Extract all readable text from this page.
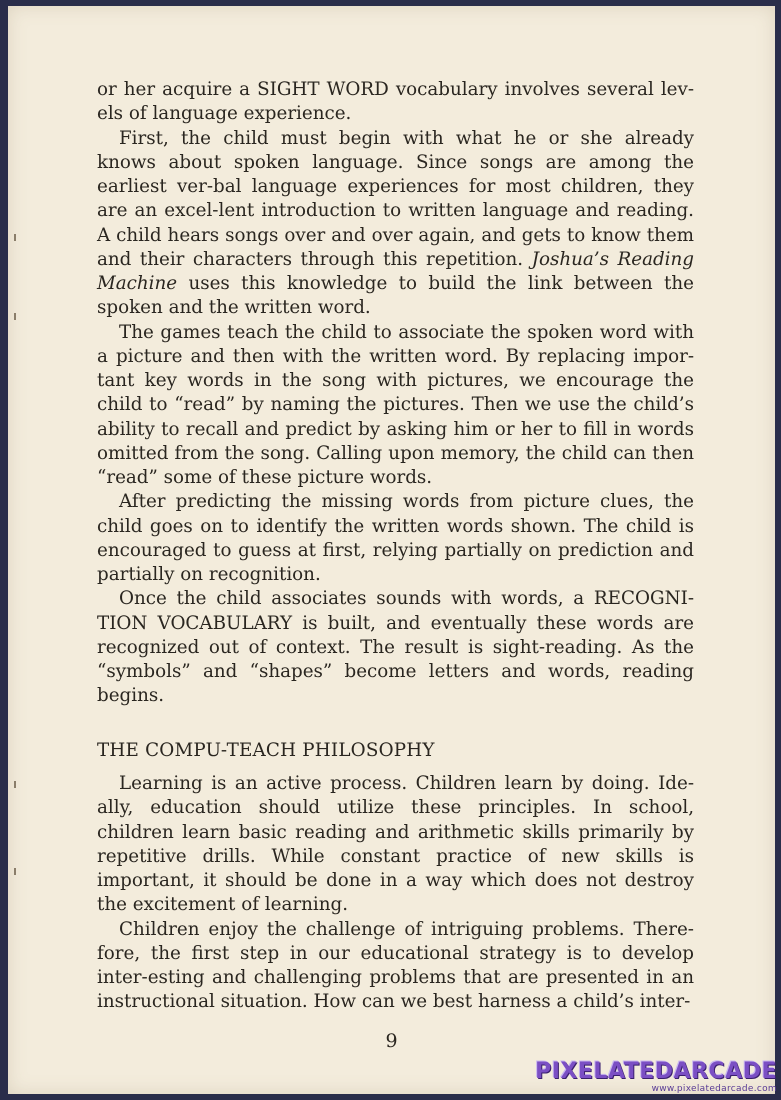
or her acquire a SIGHT WORD vocabulary involves several lev-els of language experience.

First, the child must begin with what he or she already knows about spoken language. Since songs are among the earliest ver-bal language experiences for most children, they are an excel-lent introduction to written language and reading. A child hears songs over and over again, and gets to know them and their characters through this repetition. Joshua’s Reading Machine uses this knowledge to build the link between the spoken and the written word.

The games teach the child to associate the spoken word with a picture and then with the written word. By replacing impor-tant key words in the song with pictures, we encourage the child to “read” by naming the pictures. Then we use the child’s ability to recall and predict by asking him or her to fill in words omitted from the song. Calling upon memory, the child can then “read” some of these picture words.

After predicting the missing words from picture clues, the child goes on to identify the written words shown. The child is encouraged to guess at first, relying partially on prediction and partially on recognition.

Once the child associates sounds with words, a RECOGNI-TION VOCABULARY is built, and eventually these words are recognized out of context. The result is sight-reading. As the “symbols” and “shapes” become letters and words, reading begins.

THE COMPU-TEACH PHILOSOPHY

Learning is an active process. Children learn by doing. Ide-ally, education should utilize these principles. In school, children learn basic reading and arithmetic skills primarily by repetitive drills. While constant practice of new skills is important, it should be done in a way which does not destroy the excitement of learning.

Children enjoy the challenge of intriguing problems. There-fore, the first step in our educational strategy is to develop inter-esting and challenging problems that are presented in an instructional situation. How can we best harness a child’s inter-

9
PIXELATEDARCADE
www.pixelatedarcade.com
